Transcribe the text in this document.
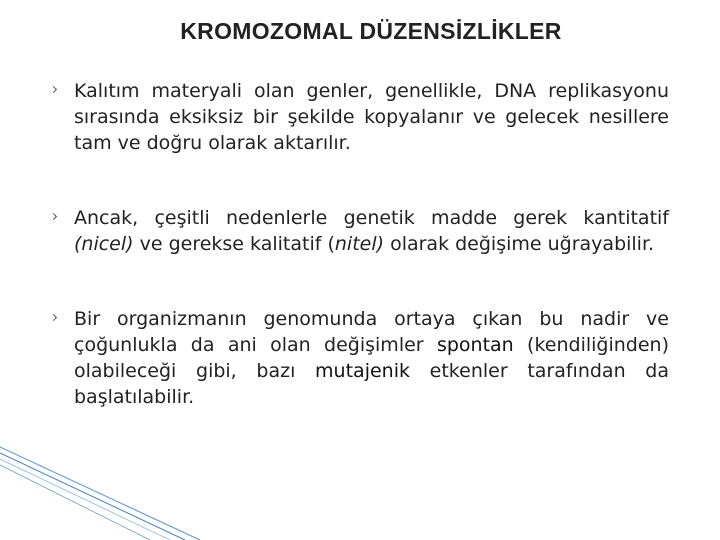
KROMOZOMAL DÜZENSİZLİKLER
Kalıtım materyali olan genler, genellikle, DNA replikasyonu sırasında eksiksiz bir şekilde kopyalanır ve gelecek nesillere tam ve doğru olarak aktarılır.
Ancak, çeşitli nedenlerle genetik madde gerek kantitatif (nicel) ve gerekse kalitatif (nitel) olarak değişime uğrayabilir.
Bir organizmanın genomunda ortaya çıkan bu nadir ve çoğunlukla da ani olan değişimler spontan (kendiliğinden) olabileceği gibi, bazı mutajenik etkenler tarafından da başlatılabilir.
